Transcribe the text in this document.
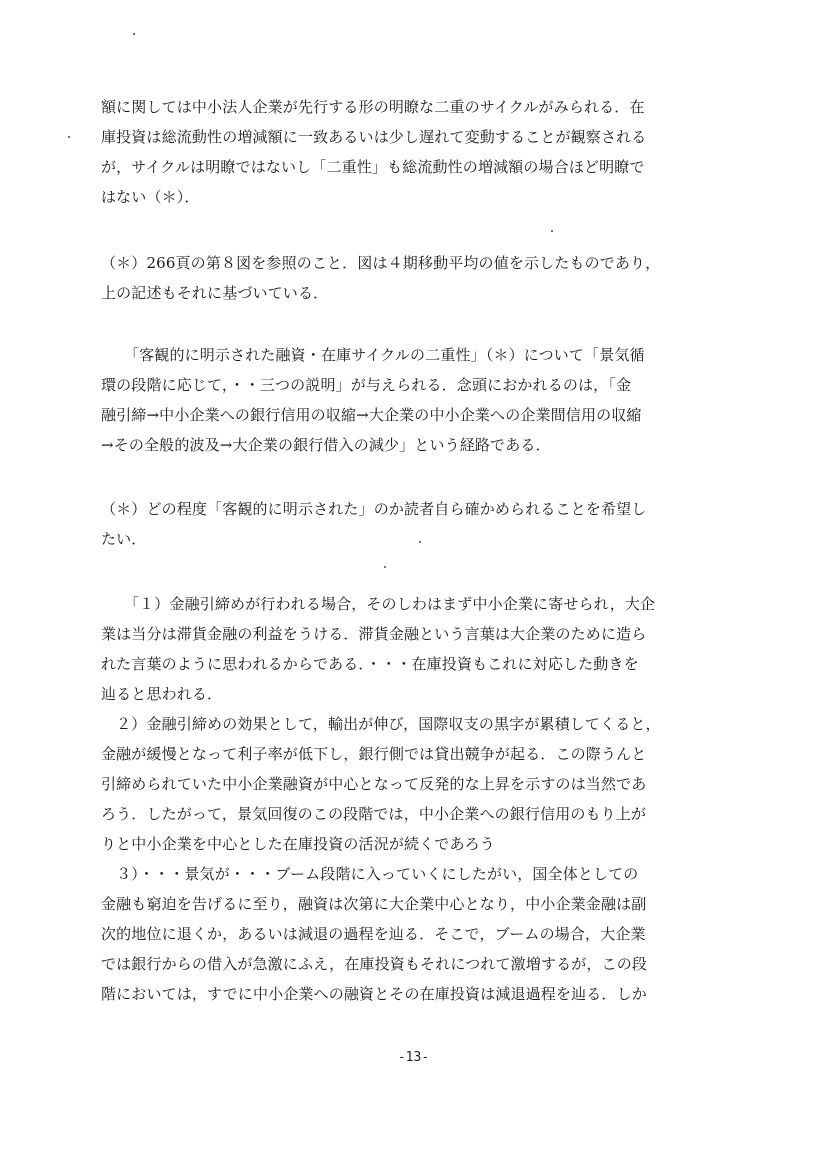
額に関しては中小法人企業が先行する形の明瞭な二重のサイクルがみられる．在
庫投資は総流動性の増減額に一致あるいは少し遅れて変動することが観察される
が，サイクルは明瞭ではないし「二重性」も総流動性の増減額の場合ほど明瞭で
はない（＊）．
（＊）266頁の第８図を参照のこと．図は４期移動平均の値を示したものであり，
上の記述もそれに基づいている．
「客観的に明示された融資・在庫サイクルの二重性」（＊）について「景気循
環の段階に応じて，・・三つの説明」が与えられる．念頭におかれるのは，「金
融引締→中小企業への銀行信用の収縮→大企業の中小企業への企業間信用の収縮
→その全般的波及→大企業の銀行借入の減少」という経路である．
（＊）どの程度「客観的に明示された」のか読者自ら確かめられることを希望し
たい．
「１）金融引締めが行われる場合，そのしわはまず中小企業に寄せられ，大企
業は当分は滞貨金融の利益をうける．滞貨金融という言葉は大企業のために造ら
れた言葉のように思われるからである．・・・在庫投資もこれに対応した動きを
辿ると思われる．
　２）金融引締めの効果として，輸出が伸び，国際収支の黒字が累積してくると，
金融が緩慢となって利子率が低下し，銀行側では貸出競争が起る．この際うんと
引締められていた中小企業融資が中心となって反発的な上昇を示すのは当然であ
ろう．したがって，景気回復のこの段階では，中小企業への銀行信用のもり上が
りと中小企業を中心とした在庫投資の活況が続くであろう
　３）・・・景気が・・・ブーム段階に入っていくにしたがい，国全体としての
金融も窮迫を告げるに至り，融資は次第に大企業中心となり，中小企業金融は副
次的地位に退くか，あるいは減退の過程を辿る．そこで，ブームの場合，大企業
では銀行からの借入が急激にふえ，在庫投資もそれにつれて激増するが，この段
階においては，すでに中小企業への融資とその在庫投資は減退過程を辿る．しか
-13-
